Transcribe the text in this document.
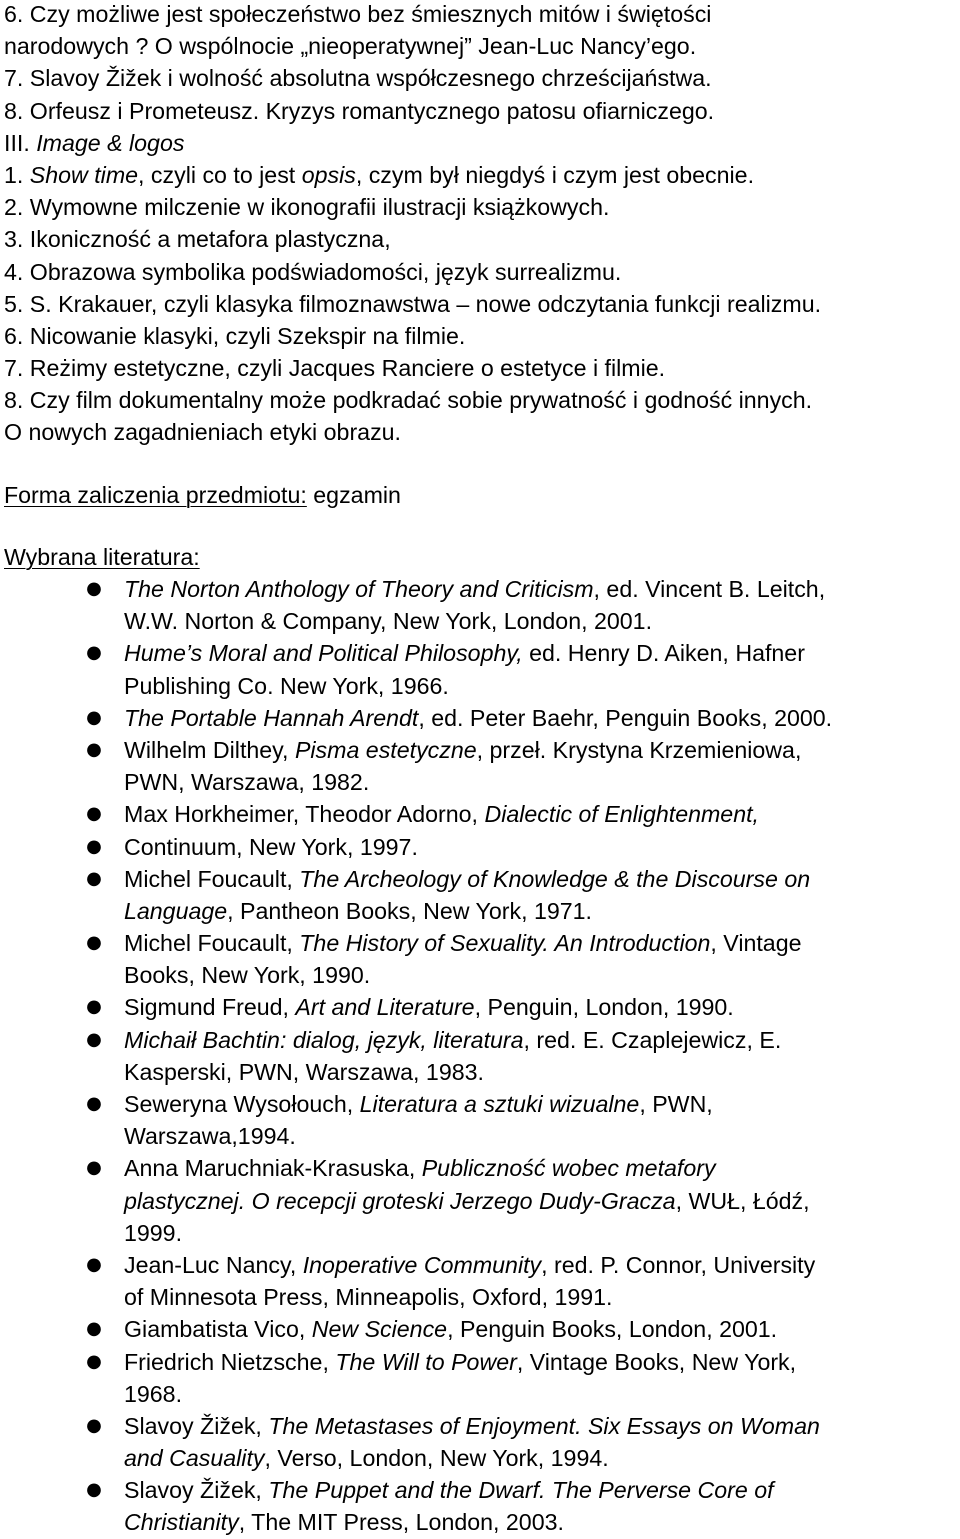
6. Czy możliwe jest społeczeństwo bez śmiesznych mitów i świętości
narodowych ? O wspólnocie „nieoperatywnej” Jean-Luc Nancy’ego.
7. Slavoy Žižek i wolność absolutna współczesnego chrześcijaństwa.
8. Orfeusz i Prometeusz. Kryzys romantycznego patosu ofiarniczego.
III. Image & logos
1. Show time, czyli co to jest opsis, czym był niegdyś i czym jest obecnie.
2. Wymowne milczenie w ikonografii ilustracji książkowych.
3. Ikoniczność a metafora plastyczna,
4. Obrazowa symbolika podświadomości, język surrealizmu.
5. S. Krakauer, czyli klasyka filmoznawstwa – nowe odczytania funkcji realizmu.
6. Nicowanie klasyki, czyli Szekspir na filmie.
7. Reżimy estetyczne, czyli Jacques Ranciere o estetyce i filmie.
8. Czy film dokumentalny może podkradać sobie prywatność i godność innych.
O nowych zagadnieniach etyki obrazu.
Forma zaliczenia przedmiotu: egzamin
Wybrana literatura:
● The Norton Anthology of Theory and Criticism, ed. Vincent B. Leitch,
W.W. Norton & Company, New York, London, 2001.
● Hume’s Moral and Political Philosophy, ed. Henry D. Aiken, Hafner
Publishing Co. New York, 1966.
● The Portable Hannah Arendt, ed. Peter Baehr, Penguin Books, 2000.
● Wilhelm Dilthey, Pisma estetyczne, przeł. Krystyna Krzemieniowa,
PWN, Warszawa, 1982.
● Max Horkheimer, Theodor Adorno, Dialectic of Enlightenment,
● Continuum, New York, 1997.
● Michel Foucault, The Archeology of Knowledge & the Discourse on
Language, Pantheon Books, New York, 1971.
● Michel Foucault, The History of Sexuality. An Introduction, Vintage
Books, New York, 1990.
● Sigmund Freud, Art and Literature, Penguin, London, 1990.
● Michaił Bachtin: dialog, język, literatura, red. E. Czaplejewicz, E.
Kasperski, PWN, Warszawa, 1983.
● Seweryna Wysołouch, Literatura a sztuki wizualne, PWN,
Warszawa,1994.
● Anna Maruchniak-Krasuska, Publiczność wobec metafory
plastycznej. O recepcji groteski Jerzego Dudy-Gracza, WUŁ, Łódź,
1999.
● Jean-Luc Nancy, Inoperative Community, red. P. Connor, University
of Minnesota Press, Minneapolis, Oxford, 1991.
● Giambatista Vico, New Science, Penguin Books, London, 2001.
● Friedrich Nietzsche, The Will to Power, Vintage Books, New York,
1968.
● Slavoy Žižek, The Metastases of Enjoyment. Six Essays on Woman
and Casuality, Verso, London, New York, 1994.
● Slavoy Žižek, The Puppet and the Dwarf. The Perverse Core of
Christianity, The MIT Press, London, 2003.
